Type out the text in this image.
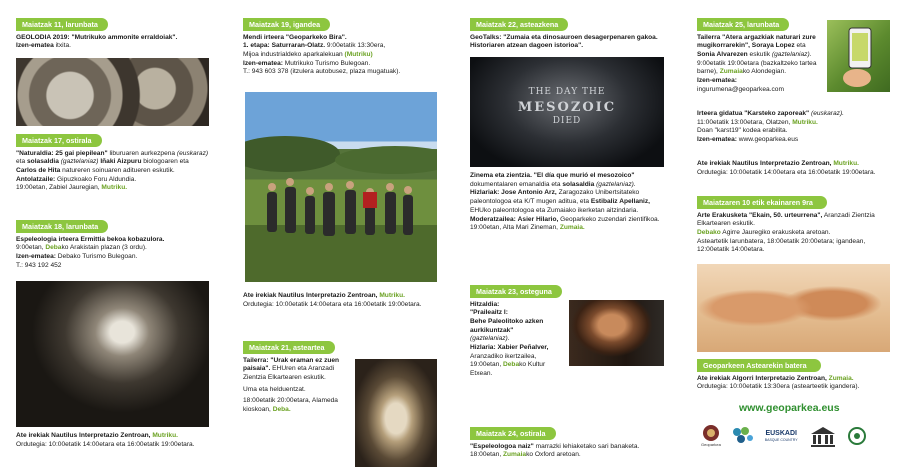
Maiatzak 11, larunbata

GEOLODIA 2019: "Mutrikuko ammonite erraldoiak".
Izen-ematea itxita.

Maiatzak 17, ostirala

"Naturaldia: 25 gai piepilean" liburuaren aurkezpena (euskaraz) eta solasaldia (gaztelaniaz) Iñaki Aizpuru biologoaren eta Carlos de Hita natureren soinuaren aditueren eskutik.
Antolatzaile: Gipuzkoako Foru Aldundia.
19:00etan, Zabiel Jauregian, Mutriku.

Maiatzak 18, larunbata

Espeleologia irteera Ermittia bekoa kobazulora.
9:00etan, Debako Arakistain plazan (3 ordu).
Izen-ematea: Debako Turismo Bulegoan.
T.: 943 192 452

Ate irekiak Nautilus Interpretazio Zentroan, Mutriku.
Ordutegia: 10:00etatik 14:00etara eta 16:00etatik 19:00etara.

Maiatzak 19, igandea

Mendi irteera "Geoparkeko Bira".
1. etapa: Saturraran-Olatz. 9:00etatik 13:30era,
Mijoa industrialdeko aparkalekuan (Mutriku)
Izen-ematea: Mutrikuko Turismo Bulegoan.
T.: 943 603 378 (itzulera autobusez, plaza mugatuak).

Ate irekiak Nautilus Interpretazio Zentroan, Mutriku.
Ordutegia: 10:00etatik 14:00etara eta 16:00etatik 19:00etara.

Maiatzak 21, asteartea

Tailerra: "Urak eraman ez zuen paisaia". EHUren eta Aranzadi Zientzia Elkartearen eskutik.

Uma eta helduentzat.

18:00etatik 20:00etara, Alameda kioskoan, Deba.

Maiatzak 22, asteazkena

GeoTalks: "Zumaia eta dinosauroen desagerpenaren gakoa. Historiaren atzean dagoen istorioa".

THE DAY THE
MESOZOIC
DIED

Zinema eta zientzia. "El día que murió el mesozoico" dokumentalaren emanaldia eta solasaldia (gaztelaniaz).
Hizlariak: Jose Antonio Arz, Zaragozako Unibertsitateko paleontologoa eta K/T mugen aditua, eta Estibaliz Apellaniz, EHUko paleontologoa eta Zumaiako ikerketan aitzindaria.
Moderatzailea: Asier Hilario, Geoparkeko zuzendari zientifikoa.
19:00etan, Alta Mari Zineman, Zumaia.

Maiatzak 23, osteguna

Hitzaldia:
"Praileaitz I:
Behe Paleolitoko azken aurkikuntzak"
(gaztelaniaz).
Hizlaria: Xabier Peñalver, Aranzadiko ikertzailea,
19:00etan, Debako Kultur Etxean.

Maiatzak 24, ostirala

"Espeleologoa naiz" marrazki lehiaketako sari banaketa.
18:00etan, Zumaiako Oxford aretoan.

Maiatzak 25, larunbata

Tailerra "Atera argazkiak naturari zure mugikorrarekin", Soraya Lopez eta Sonia Alvarezen eskutik (gaztelaniaz).
9:00etatik 19:00etara (bazkaltzeko tartea barne), Zumaiako Alondegian.
Izen-ematea: ingurumena@geoparkea.com

Irteera gidatua "Karsteko zaporeak" (euskaraz).
11:00etatik 13:00etara, Olatzen, Mutriku.
Doan "karst19" kodea erabilita.
Izen-ematea: www.geoparkea.eus

Ate irekiak Nautilus Interpretazio Zentroan, Mutriku.
Ordutegia: 10:00etatik 14:00etara eta 16:00etatik 19:00etara.

Maiatzaren 10 etik ekainaren 9ra

Arte Erakusketa "Ekain, 50. urteurrena", Aranzadi Zientzia Elkartearen eskutik.
Debako Agirre Jauregiko erakusketa aretoan.
Asteartetik larunbatera, 18:00etatik 20:00etara; igandean, 12:00etatik 14:00etara.

Geoparkeen Astearekin batera

Ate irekiak Algorri Interpretazio Zentroan, Zumaia.
Ordutegia: 10:00etatik 13:30era (astearteetik igandera).

www.geoparkea.eus
Geoparkea
EUSKADI
BASQUE COUNTRY
